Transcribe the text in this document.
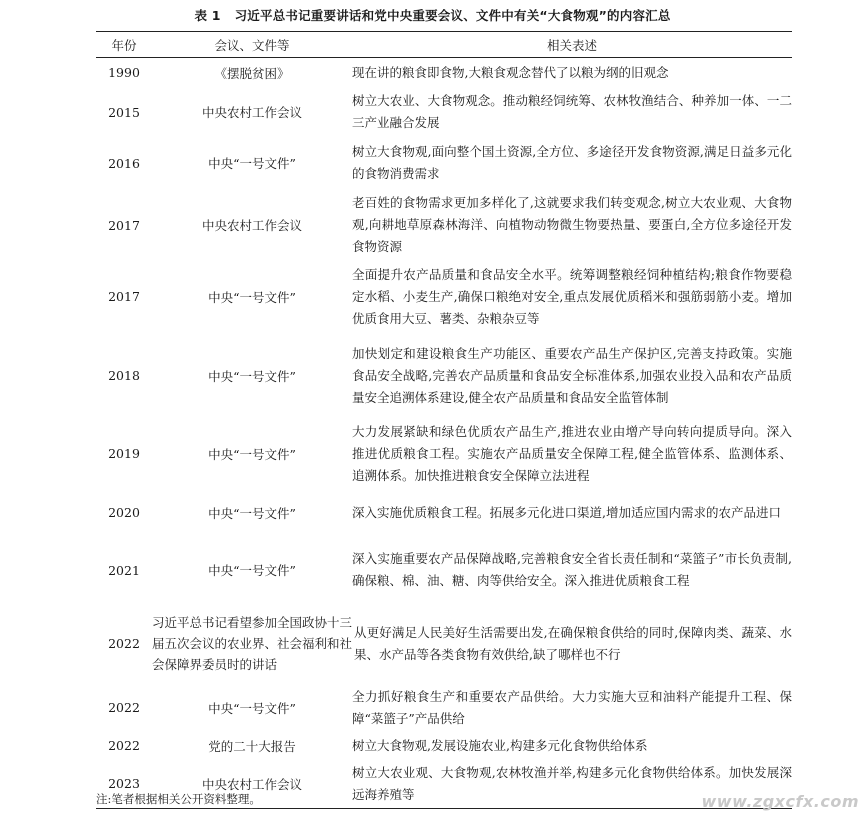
表 1 习近平总书记重要讲话和党中央重要会议、文件中有关“大食物观”的内容汇总
年份	会议、文件等	相关表述
1990	《摆脱贫困》	现在讲的粮食即食物,大粮食观念替代了以粮为纲的旧观念
2015	中央农村工作会议	树立大农业、大食物观念。推动粮经饲统筹、农林牧渔结合、种养加一体、一二三产业融合发展
2016	中央“一号文件”	树立大食物观,面向整个国土资源,全方位、多途径开发食物资源,满足日益多元化的食物消费需求
2017	中央农村工作会议	老百姓的食物需求更加多样化了,这就要求我们转变观念,树立大农业观、大食物观,向耕地草原森林海洋、向植物动物微生物要热量、要蛋白,全方位多途径开发食物资源
2017	中央“一号文件”	全面提升农产品质量和食品安全水平。统筹调整粮经饲种植结构;粮食作物要稳定水稻、小麦生产,确保口粮绝对安全,重点发展优质稻米和强筋弱筋小麦。增加优质食用大豆、薯类、杂粮杂豆等
2018	中央“一号文件”	加快划定和建设粮食生产功能区、重要农产品生产保护区,完善支持政策。实施食品安全战略,完善农产品质量和食品安全标准体系,加强农业投入品和农产品质量安全追溯体系建设,健全农产品质量和食品安全监管体制
2019	中央“一号文件”	大力发展紧缺和绿色优质农产品生产,推进农业由增产导向转向提质导向。深入推进优质粮食工程。实施农产品质量安全保障工程,健全监管体系、监测体系、追溯体系。加快推进粮食安全保障立法进程
2020	中央“一号文件”	深入实施优质粮食工程。拓展多元化进口渠道,增加适应国内需求的农产品进口
2021	中央“一号文件”	深入实施重要农产品保障战略,完善粮食安全省长责任制和“菜篮子”市长负责制,确保粮、棉、油、糖、肉等供给安全。深入推进优质粮食工程
2022	习近平总书记看望参加全国政协十三届五次会议的农业界、社会福利和社会保障界委员时的讲话	从更好满足人民美好生活需要出发,在确保粮食供给的同时,保障肉类、蔬菜、水果、水产品等各类食物有效供给,缺了哪样也不行
2022	中央“一号文件”	全力抓好粮食生产和重要农产品供给。大力实施大豆和油料产能提升工程、保障“菜篮子”产品供给
2022	党的二十大报告	树立大食物观,发展设施农业,构建多元化食物供给体系
2023	中央农村工作会议	树立大农业观、大食物观,农林牧渔并举,构建多元化食物供给体系。加快发展深远海养殖等
注:笔者根据相关公开资料整理。	www.zgxcfx.com
